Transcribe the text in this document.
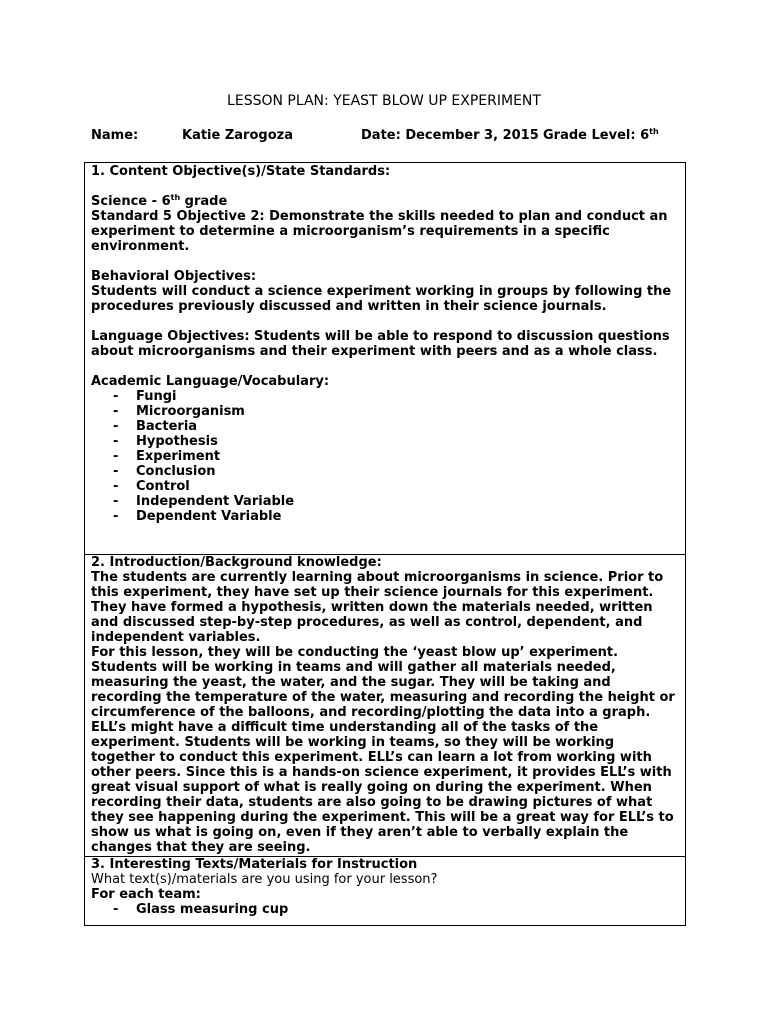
LESSON PLAN: YEAST BLOW UP EXPERIMENT
Name:	Katie Zarogoza	Date: December 3, 2015 Grade Level: 6th

1. Content Objective(s)/State Standards:

Science - 6th grade

Standard 5 Objective 2: Demonstrate the skills needed to plan and conduct an experiment to determine a microorganism’s requirements in a specific environment.

Behavioral Objectives:

Students will conduct a science experiment working in groups by following the procedures previously discussed and written in their science journals.

Language Objectives: Students will be able to respond to discussion questions about microorganisms and their experiment with peers and as a whole class.

Academic Language/Vocabulary:

- Fungi
- Microorganism
- Bacteria
- Hypothesis
- Experiment
- Conclusion
- Control
- Independent Variable
- Dependent Variable

2. Introduction/Background knowledge:

The students are currently learning about microorganisms in science. Prior to this experiment, they have set up their science journals for this experiment. They have formed a hypothesis, written down the materials needed, written and discussed step-by-step procedures, as well as control, dependent, and independent variables.

For this lesson, they will be conducting the ‘yeast blow up’ experiment. Students will be working in teams and will gather all materials needed, measuring the yeast, the water, and the sugar. They will be taking and recording the temperature of the water, measuring and recording the height or circumference of the balloons, and recording/plotting the data into a graph.

ELL’s might have a difficult time understanding all of the tasks of the experiment. Students will be working in teams, so they will be working together to conduct this experiment. ELL’s can learn a lot from working with other peers. Since this is a hands-on science experiment, it provides ELL’s with great visual support of what is really going on during the experiment. When recording their data, students are also going to be drawing pictures of what they see happening during the experiment. This will be a great way for ELL’s to show us what is going on, even if they aren’t able to verbally explain the changes that they are seeing.

3. Interesting Texts/Materials for Instruction

What text(s)/materials are you using for your lesson?

For each team:

- Glass measuring cup
